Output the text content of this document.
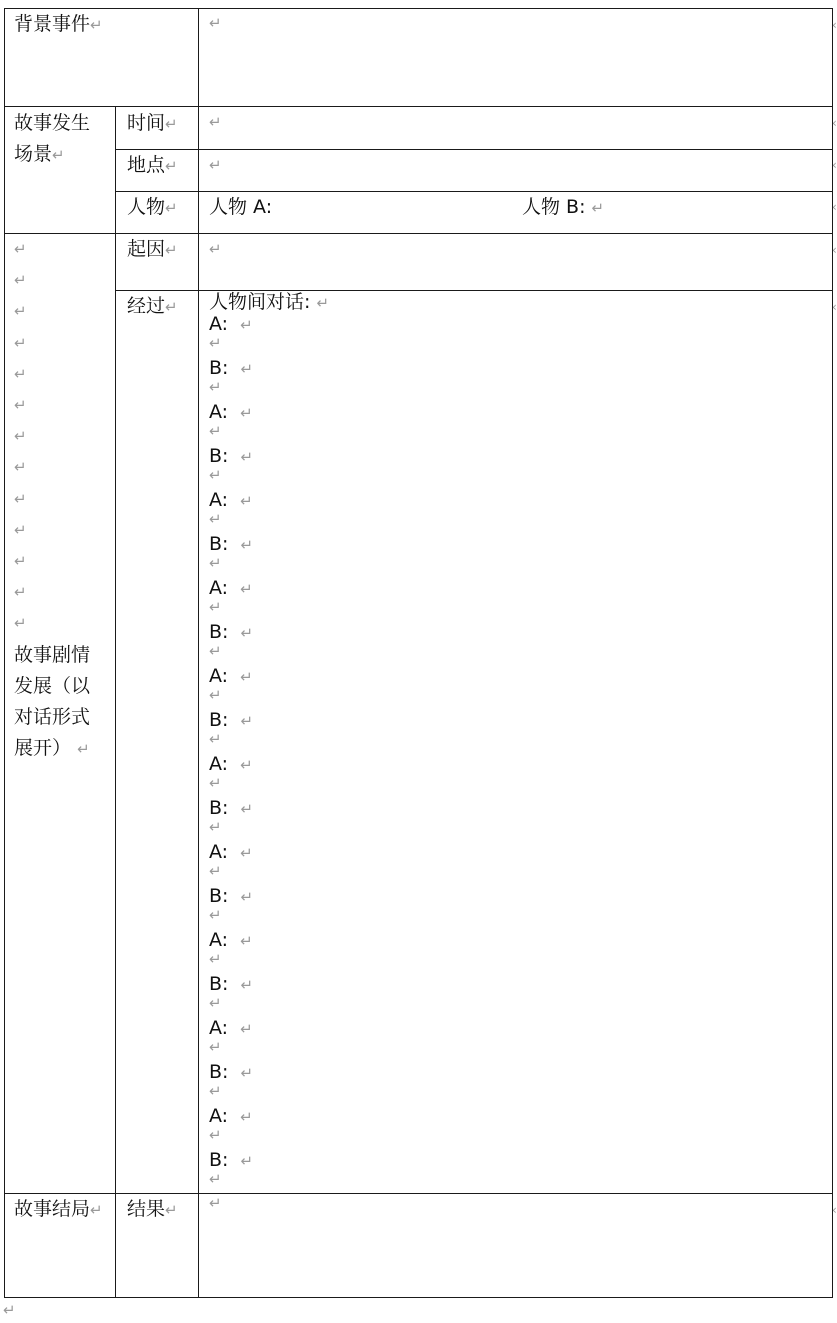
‹
‹
‹
‹
‹
‹
‹
背景事件↵	↵
故事发生
场景↵
时间↵ ↵
地点↵ ↵
人物↵ 人物 A:	人物 B: ↵
↵
↵
↵
↵
↵
↵
↵
↵
↵
↵
↵
↵
↵
故事剧情
发展（以
对话形式
展开） ↵
起因↵ ↵
经过↵ 人物间对话: ↵
A: ↵
↵
B: ↵
↵
A: ↵
↵
B: ↵
↵
A: ↵
↵
B: ↵
↵
A: ↵
↵
B: ↵
↵
A: ↵
↵
B: ↵
↵
A: ↵
↵
B: ↵
↵
A: ↵
↵
B: ↵
↵
A: ↵
↵
B: ↵
↵
A: ↵
↵
B: ↵
↵
A: ↵
↵
B: ↵
↵
故事结局↵ 结果↵ ↵
↵
